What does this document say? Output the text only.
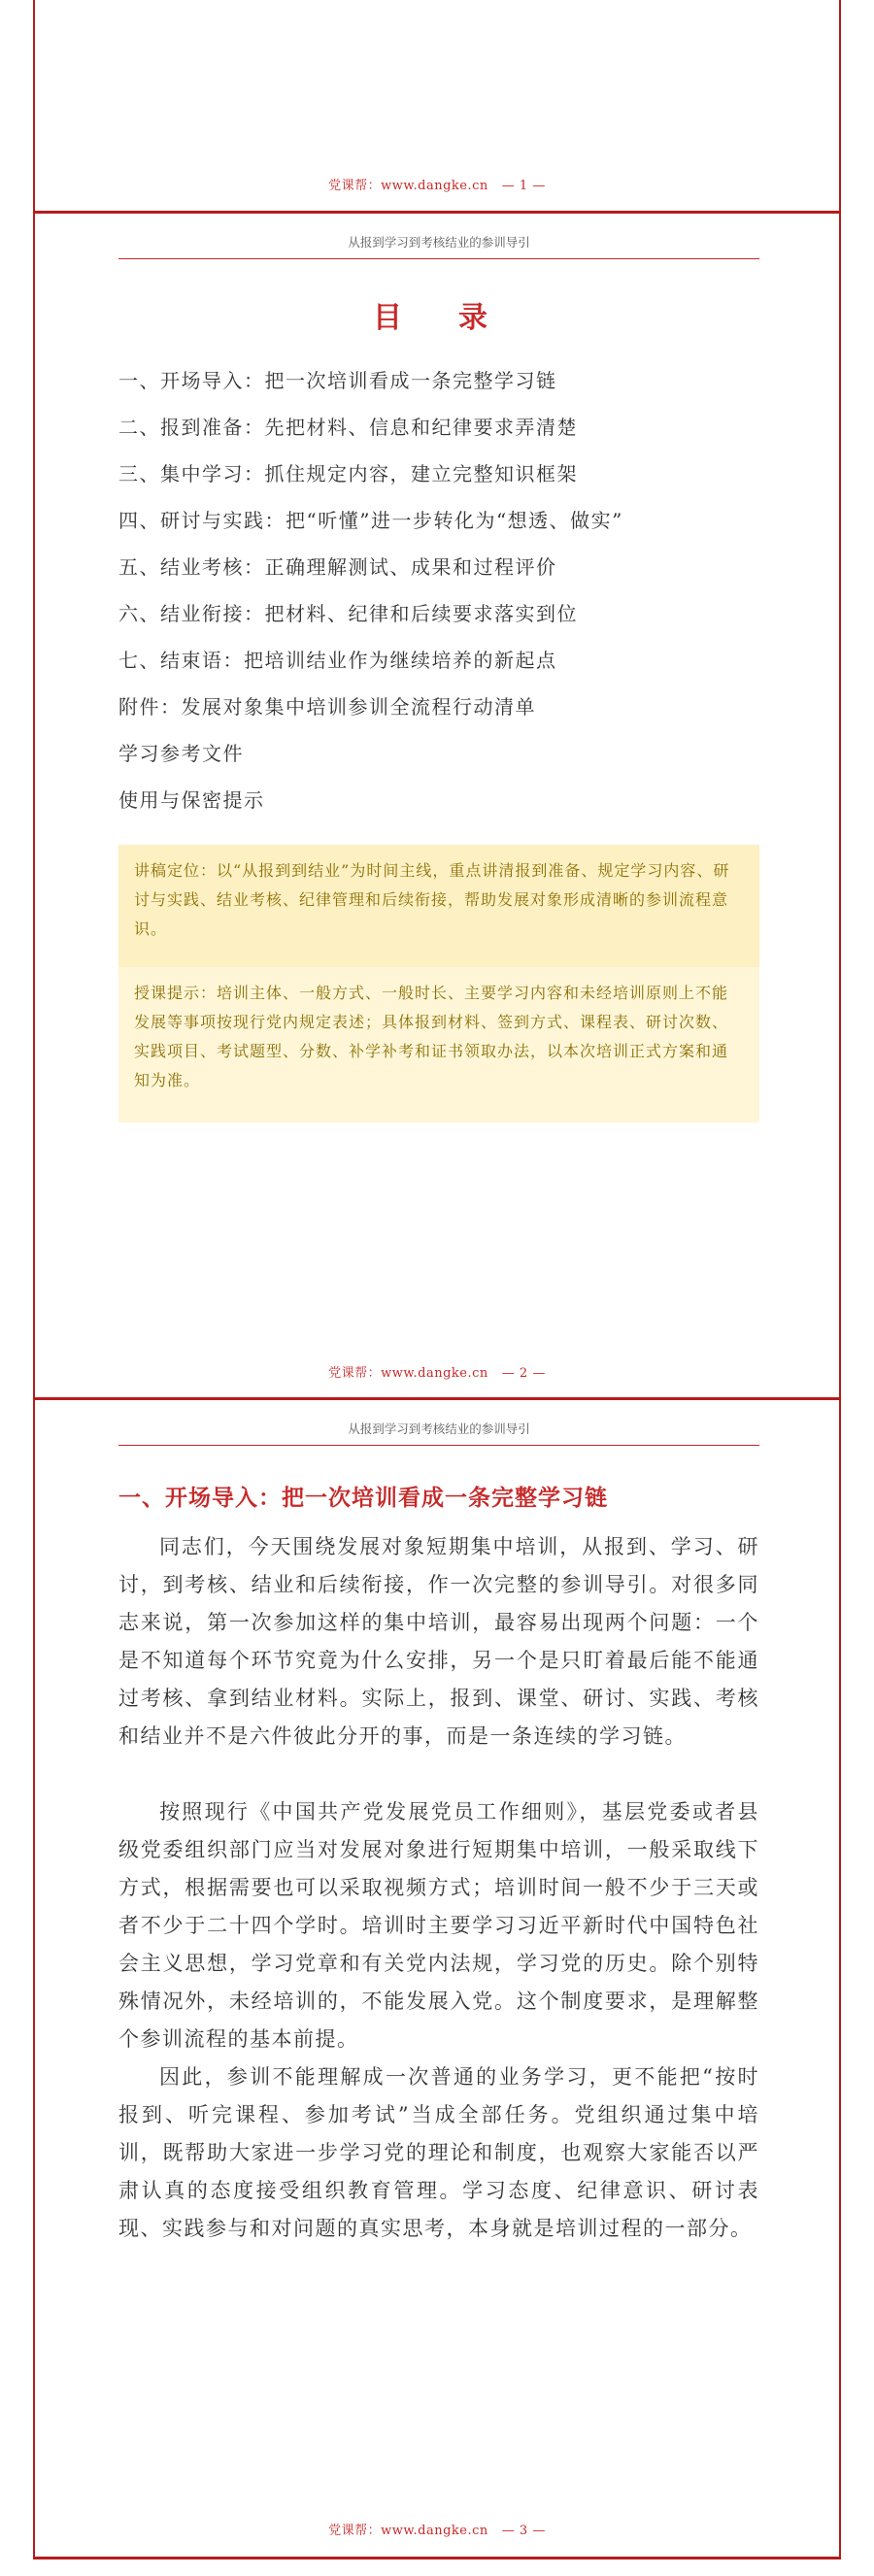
党课帮：www.dangke.cn — 1 —
从报到学习到考核结业的参训导引
目　录
一、开场导入：把一次培训看成一条完整学习链
二、报到准备：先把材料、信息和纪律要求弄清楚
三、集中学习：抓住规定内容，建立完整知识框架
四、研讨与实践：把“听懂”进一步转化为“想透、做实”
五、结业考核：正确理解测试、成果和过程评价
六、结业衔接：把材料、纪律和后续要求落实到位
七、结束语：把培训结业作为继续培养的新起点
附件：发展对象集中培训参训全流程行动清单
学习参考文件
使用与保密提示
讲稿定位：以“从报到到结业”为时间主线，重点讲清报到准备、规定学习内容、研讨与实践、结业考核、纪律管理和后续衔接，帮助发展对象形成清晰的参训流程意识。
授课提示：培训主体、一般方式、一般时长、主要学习内容和未经培训原则上不能发展等事项按现行党内规定表述；具体报到材料、签到方式、课程表、研讨次数、实践项目、考试题型、分数、补学补考和证书领取办法，以本次培训正式方案和通知为准。
党课帮：www.dangke.cn — 2 —
从报到学习到考核结业的参训导引
一、开场导入：把一次培训看成一条完整学习链

同志们，今天围绕发展对象短期集中培训，从报到、学习、研讨，到考核、结业和后续衔接，作一次完整的参训导引。对很多同志来说，第一次参加这样的集中培训，最容易出现两个问题：一个是不知道每个环节究竟为什么安排，另一个是只盯着最后能不能通过考核、拿到结业材料。实际上，报到、课堂、研讨、实践、考核和结业并不是六件彼此分开的事，而是一条连续的学习链。

按照现行《中国共产党发展党员工作细则》，基层党委或者县级党委组织部门应当对发展对象进行短期集中培训，一般采取线下方式，根据需要也可以采取视频方式；培训时间一般不少于三天或者不少于二十四个学时。培训时主要学习习近平新时代中国特色社会主义思想，学习党章和有关党内法规，学习党的历史。除个别特殊情况外，未经培训的，不能发展入党。这个制度要求，是理解整个参训流程的基本前提。

因此，参训不能理解成一次普通的业务学习，更不能把“按时报到、听完课程、参加考试”当成全部任务。党组织通过集中培训，既帮助大家进一步学习党的理论和制度，也观察大家能否以严肃认真的态度接受组织教育管理。学习态度、纪律意识、研讨表现、实践参与和对问题的真实思考，本身就是培训过程的一部分。

党课帮：www.dangke.cn — 3 —
